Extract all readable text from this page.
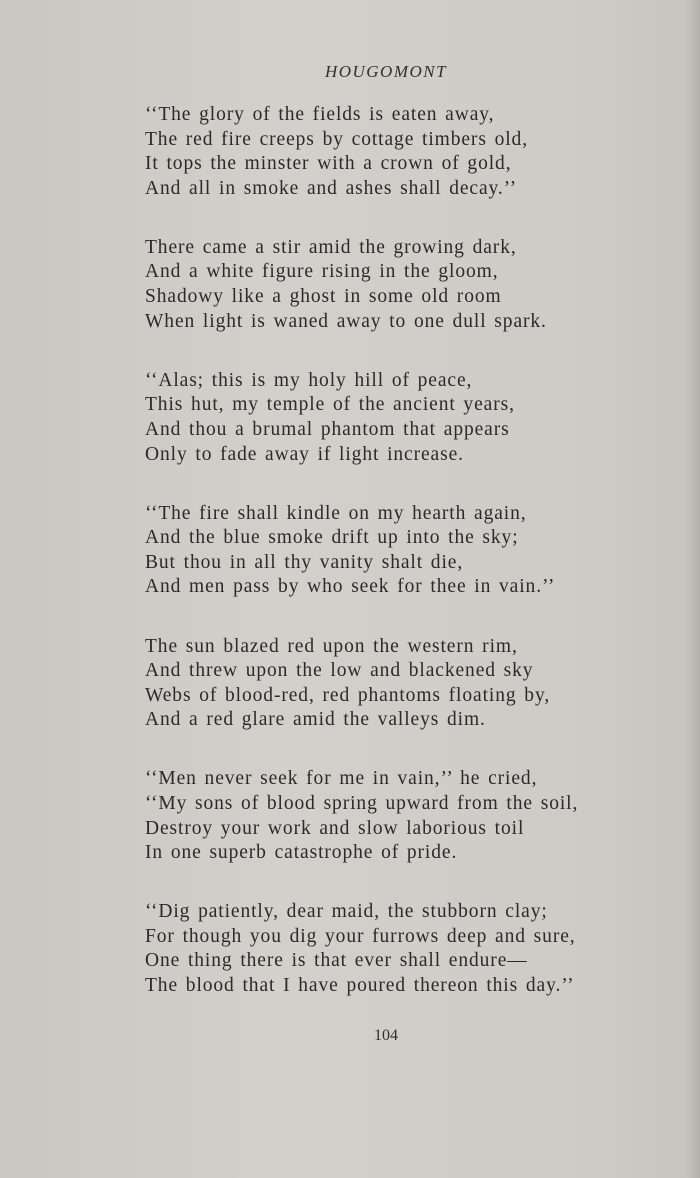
HOUGOMONT
‘‘The glory of the fields is eaten away,
The red fire creeps by cottage timbers old,
It tops the minster with a crown of gold,
And all in smoke and ashes shall decay.’’
There came a stir amid the growing dark,
And a white figure rising in the gloom,
Shadowy like a ghost in some old room
When light is waned away to one dull spark.
‘‘Alas; this is my holy hill of peace,
This hut, my temple of the ancient years,
And thou a brumal phantom that appears
Only to fade away if light increase.
‘‘The fire shall kindle on my hearth again,
And the blue smoke drift up into the sky;
But thou in all thy vanity shalt die,
And men pass by who seek for thee in vain.’’
The sun blazed red upon the western rim,
And threw upon the low and blackened sky
Webs of blood-red, red phantoms floating by,
And a red glare amid the valleys dim.
‘‘Men never seek for me in vain,’’ he cried,
‘‘My sons of blood spring upward from the soil,
Destroy your work and slow laborious toil
In one superb catastrophe of pride.
‘‘Dig patiently, dear maid, the stubborn clay;
For though you dig your furrows deep and sure,
One thing there is that ever shall endure—
The blood that I have poured thereon this day.’’
104
